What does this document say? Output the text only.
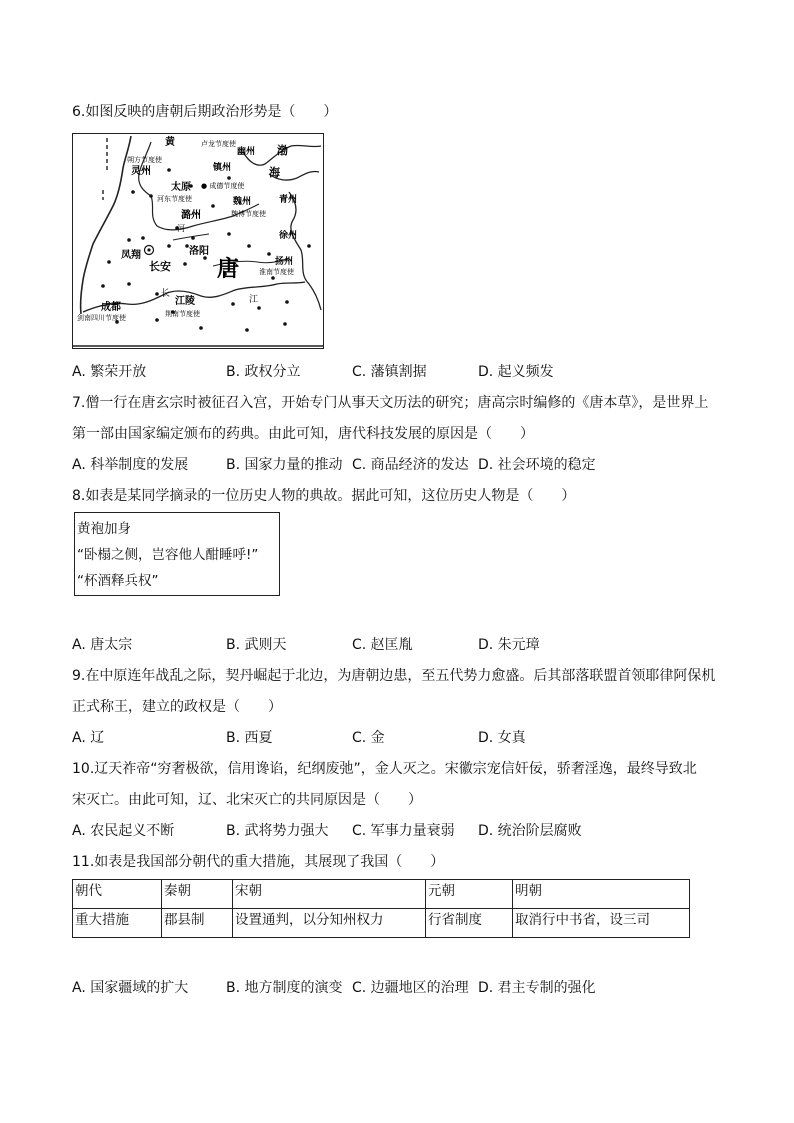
6.如图反映的唐朝后期政治形势是（　　）
黄	卢龙节度使
幽州
朔方节度使
灵州	镇州
渤
海
太原 ● 成德节度使
河东节度使	魏州
魏博节度使
青州
潞州
河
徐州
凤翔
长安
洛阳
唐	扬州
淮南节度使
长
成都
江陵	江
剑南四川节度使	荆南节度使
A. 繁荣开放	B. 政权分立	C. 藩镇割据	D. 起义频发
7.僧一行在唐玄宗时被征召入宫，开始专门从事天文历法的研究；唐高宗时编修的《唐本草》，是世界上
第一部由国家编定颁布的药典。由此可知，唐代科技发展的原因是（　　）
A. 科举制度的发展	B. 国家力量的推动 C. 商品经济的发达 D. 社会环境的稳定
8.如表是某同学摘录的一位历史人物的典故。据此可知，这位历史人物是（　　）
黄袍加身
“卧榻之侧，岂容他人酣睡呼!”
“杯酒释兵权”
A. 唐太宗	B. 武则天	C. 赵匡胤	D. 朱元璋
9.在中原连年战乱之际，契丹崛起于北边，为唐朝边患，至五代势力愈盛。后其部落联盟首领耶律阿保机
正式称王，建立的政权是（　　）
A. 辽	B. 西夏	C. 金	D. 女真
10.辽天祚帝“穷奢极欲，信用谗谄，纪纲废弛”，金人灭之。宋徽宗宠信奸佞，骄奢淫逸，最终导致北
宋灭亡。由此可知，辽、北宋灭亡的共同原因是（　　）
A. 农民起义不断	B. 武将势力强大 C. 军事力量衰弱 D. 统治阶层腐败
11.如表是我国部分朝代的重大措施，其展现了我国（　　）
朝代	秦朝	宋朝	元朝	明朝
重大措施	郡县制	设置通判，以分知州权力	行省制度	取消行中书省，设三司
A. 国家疆域的扩大	B. 地方制度的演变 C. 边疆地区的治理 D. 君主专制的强化
